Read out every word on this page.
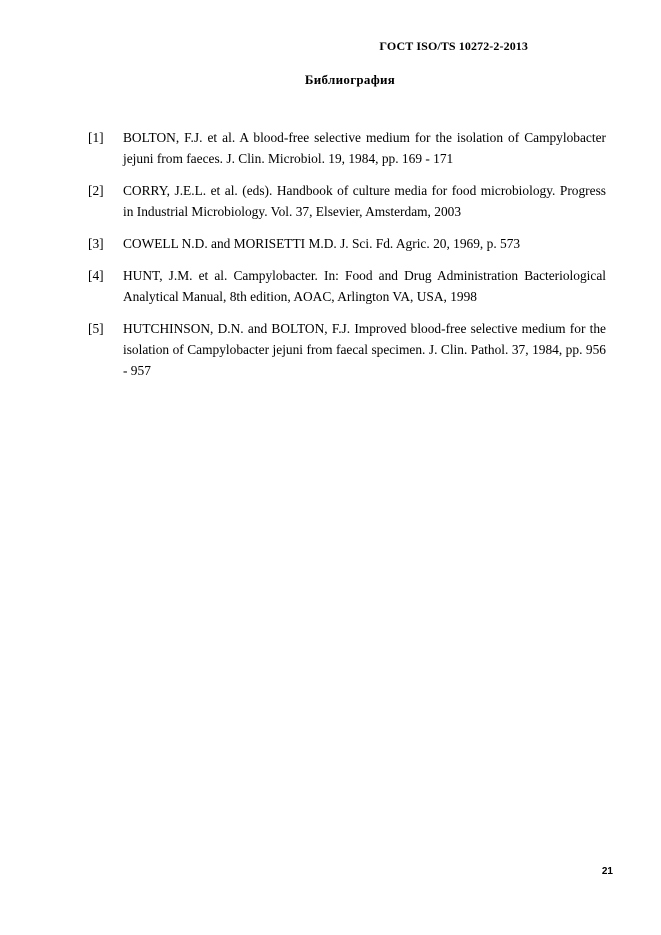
ГОСТ ISO/TS 10272-2-2013
Библиография
[1] BOLTON, F.J. et al. A blood-free selective medium for the isolation of Campylobacter jejuni from faeces. J. Clin. Microbiol. 19, 1984, pp. 169 - 171
[2] CORRY, J.E.L. et al. (eds). Handbook of culture media for food microbiology. Progress in Industrial Microbiology. Vol. 37, Elsevier, Amsterdam, 2003
[3] COWELL N.D. and MORISETTI M.D. J. Sci. Fd. Agric. 20, 1969, p. 573
[4] HUNT, J.M. et al. Campylobacter. In: Food and Drug Administration Bacteriological Analytical Manual, 8th edition, AOAC, Arlington VA, USA, 1998
[5] HUTCHINSON, D.N. and BOLTON, F.J. Improved blood-free selective medium for the isolation of Campylobacter jejuni from faecal specimen. J. Clin. Pathol. 37, 1984, pp. 956 - 957
21
